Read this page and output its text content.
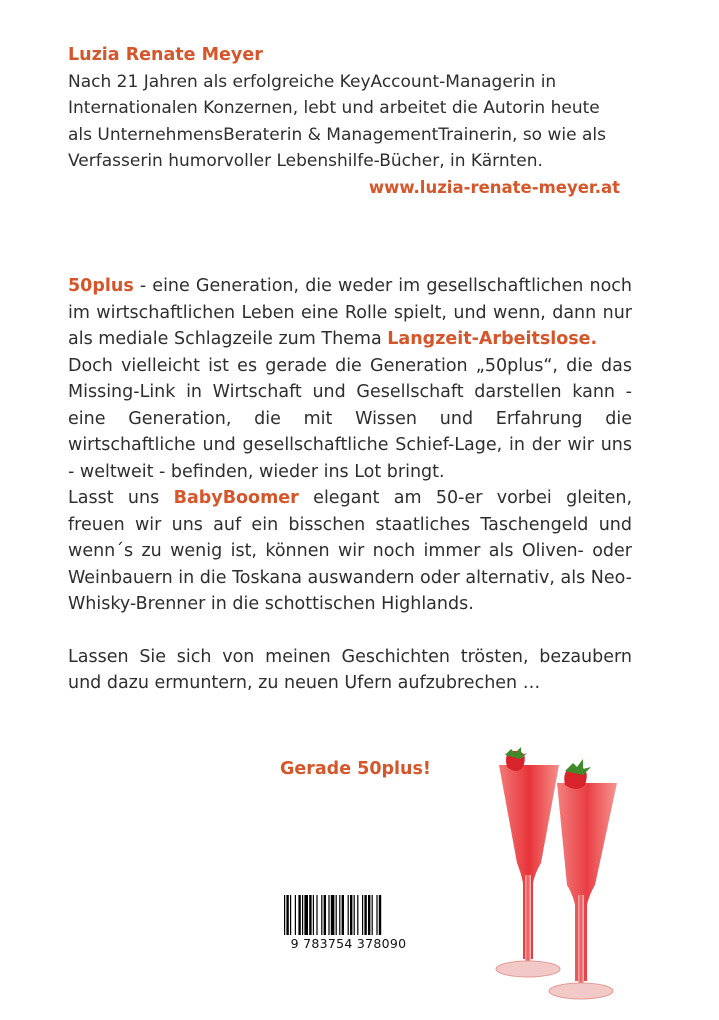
Luzia Renate Meyer
Nach 21 Jahren als erfolgreiche KeyAccount-Managerin in
Internationalen Konzernen, lebt und arbeitet die Autorin heute
als UnternehmensBeraterin & ManagementTrainerin, so wie als
Verfasserin humorvoller Lebenshilfe-Bücher, in Kärnten.
www.luzia-renate-meyer.at

50plus - eine Generation, die weder im gesellschaftlichen noch im wirtschaftlichen Leben eine Rolle spielt, und wenn, dann nur als mediale Schlagzeile zum Thema Langzeit-Arbeitslose.

Doch vielleicht ist es gerade die Generation „50plus“, die das Missing-Link in Wirtschaft und Gesellschaft darstellen kann - eine Generation, die mit Wissen und Erfahrung die wirtschaftliche und gesellschaftliche Schief-Lage, in der wir uns - weltweit - befinden, wieder ins Lot bringt.

Lasst uns BabyBoomer elegant am 50-er vorbei gleiten, freuen wir uns auf ein bisschen staatliches Taschengeld und wenn´s zu wenig ist, können wir noch immer als Oliven- oder Weinbauern in die Toskana auswandern oder alternativ, als Neo-Whisky-Brenner in die schottischen Highlands.

Lassen Sie sich von meinen Geschichten trösten, bezaubern und dazu ermuntern, zu neuen Ufern aufzubrechen …

Gerade 50plus!
9 783754 378090
